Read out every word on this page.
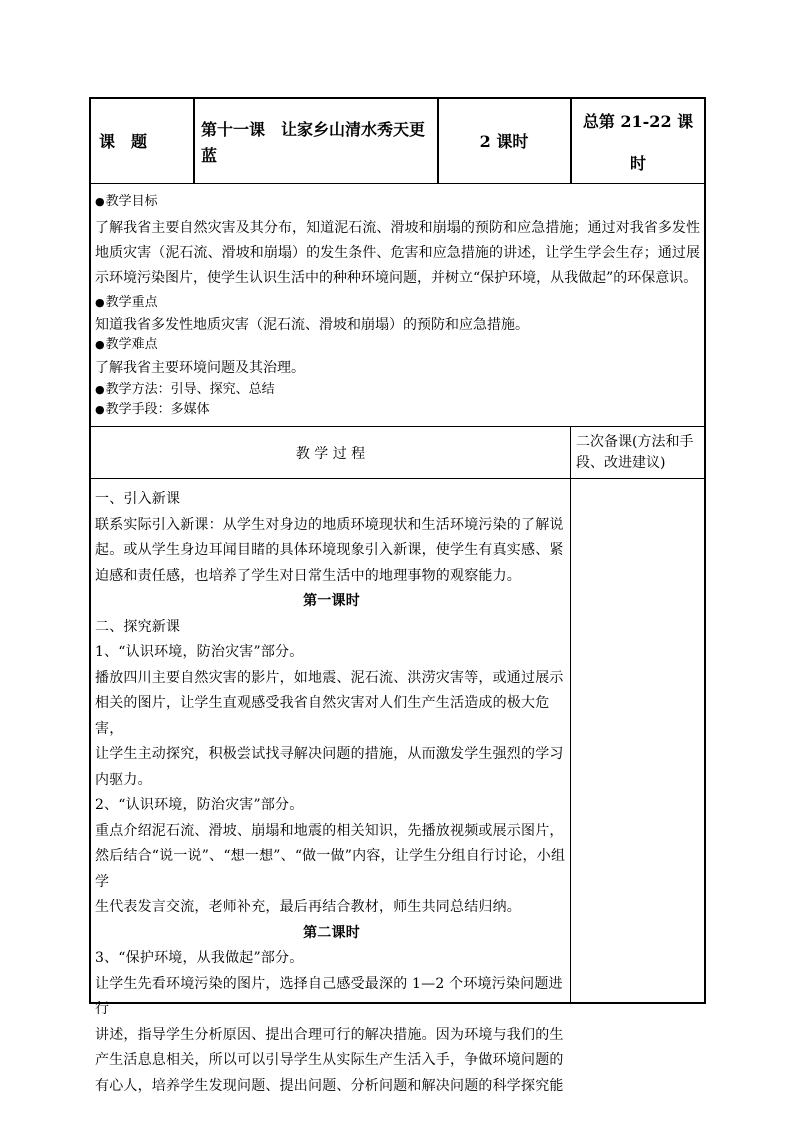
课　题
第十一课　让家乡山清水秀天更蓝
2 课时
总第 21-22 课
时
● 教学目标
了解我省主要自然灾害及其分布，知道泥石流、滑坡和崩塌的预防和应急措施；通过对我省多发性地质灾害（泥石流、滑坡和崩塌）的发生条件、危害和应急措施的讲述，让学生学会生存；通过展示环境污染图片，使学生认识生活中的种种环境问题，并树立“保护环境，从我做起”的环保意识。
● 教学重点
知道我省多发性地质灾害（泥石流、滑坡和崩塌）的预防和应急措施。
● 教学难点
了解我省主要环境问题及其治理。
● 教学方法：引导、探究、总结
● 教学手段：多媒体
教 学 过 程
二次备课(方法和手段、改进建议)
一、引入新课
联系实际引入新课：从学生对身边的地质环境现状和生活环境污染的了解说
起。或从学生身边耳闻目睹的具体环境现象引入新课，使学生有真实感、紧
迫感和责任感，也培养了学生对日常生活中的地理事物的观察能力。
第一课时
二、探究新课
1、“认识环境，防治灾害”部分。
播放四川主要自然灾害的影片，如地震、泥石流、洪涝灾害等，或通过展示
相关的图片，让学生直观感受我省自然灾害对人们生产生活造成的极大危害，
让学生主动探究，积极尝试找寻解决问题的措施，从而激发学生强烈的学习
内驱力。
2、“认识环境，防治灾害”部分。
重点介绍泥石流、滑坡、崩塌和地震的相关知识，先播放视频或展示图片，
然后结合“说一说”、“想一想”、“做一做”内容，让学生分组自行讨论，小组学
生代表发言交流，老师补充，最后再结合教材，师生共同总结归纳。
第二课时
3、“保护环境，从我做起”部分。
让学生先看环境污染的图片，选择自己感受最深的 1—2 个环境污染问题进行
讲述，指导学生分析原因、提出合理可行的解决措施。因为环境与我们的生
产生活息息相关，所以可以引导学生从实际生产生活入手，争做环境问题的
有心人，培养学生发现问题、提出问题、分析问题和解决问题的科学探究能
